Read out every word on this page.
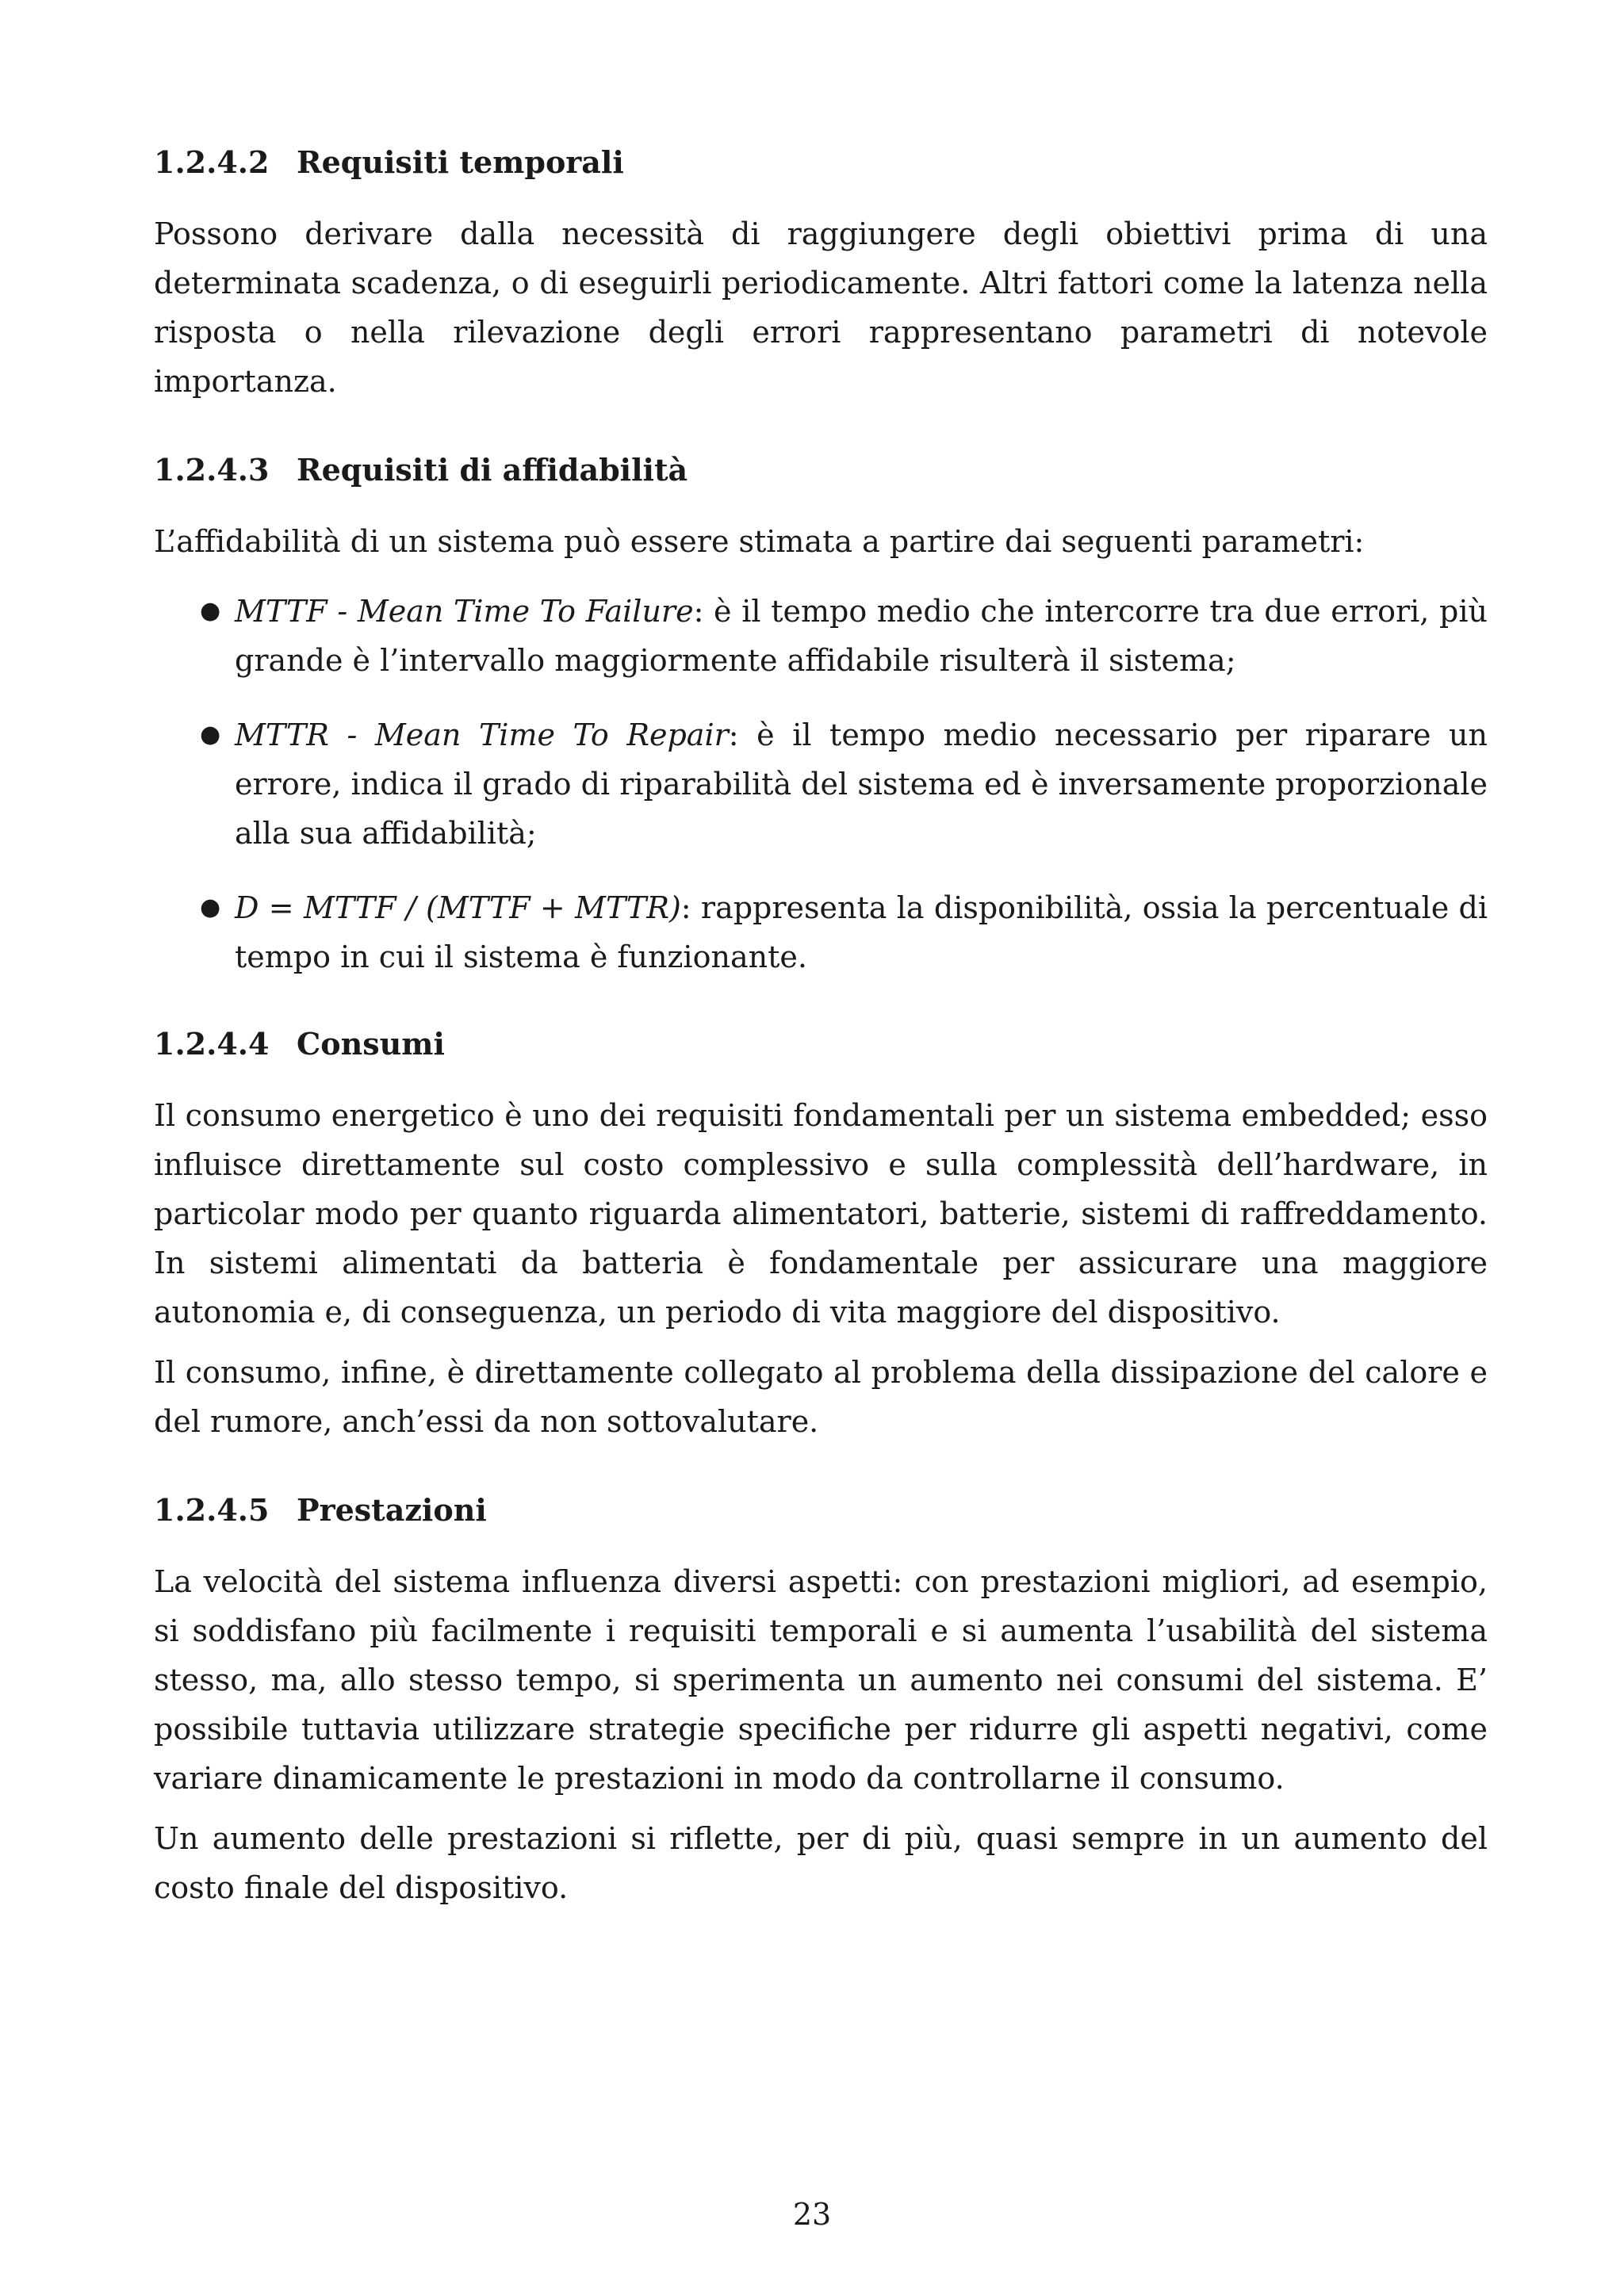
1.2.4.2 Requisiti temporali

Possono derivare dalla necessità di raggiungere degli obiettivi prima di una determinata scadenza, o di eseguirli periodicamente. Altri fattori come la latenza nella risposta o nella rilevazione degli errori rappresentano parametri di notevole importanza.

1.2.4.3 Requisiti di affidabilità

L’affidabilità di un sistema può essere stimata a partire dai seguenti parametri:

● MTTF - Mean Time To Failure: è il tempo medio che intercorre tra due errori, più grande è l’intervallo maggiormente affidabile risulterà il sistema;
● MTTR - Mean Time To Repair: è il tempo medio necessario per riparare un errore, indica il grado di riparabilità del sistema ed è inversamente proporzionale alla sua affidabilità;
● D = MTTF / (MTTF + MTTR): rappresenta la disponibilità, ossia la percentuale di tempo in cui il sistema è funzionante.
1.2.4.4 Consumi

Il consumo energetico è uno dei requisiti fondamentali per un sistema embedded; esso influisce direttamente sul costo complessivo e sulla complessità dell’hardware, in particolar modo per quanto riguarda alimentatori, batterie, sistemi di raffreddamento. In sistemi alimentati da batteria è fondamentale per assicurare una maggiore autonomia e, di conseguenza, un periodo di vita maggiore del dispositivo.

Il consumo, infine, è direttamente collegato al problema della dissipazione del calore e del rumore, anch’essi da non sottovalutare.

1.2.4.5 Prestazioni

La velocità del sistema influenza diversi aspetti: con prestazioni migliori, ad esempio, si soddisfano più facilmente i requisiti temporali e si aumenta l’usabilità del sistema stesso, ma, allo stesso tempo, si sperimenta un aumento nei consumi del sistema. E’ possibile tuttavia utilizzare strategie specifiche per ridurre gli aspetti negativi, come variare dinamicamente le prestazioni in modo da controllarne il consumo.

Un aumento delle prestazioni si riflette, per di più, quasi sempre in un aumento del costo finale del dispositivo.

23
